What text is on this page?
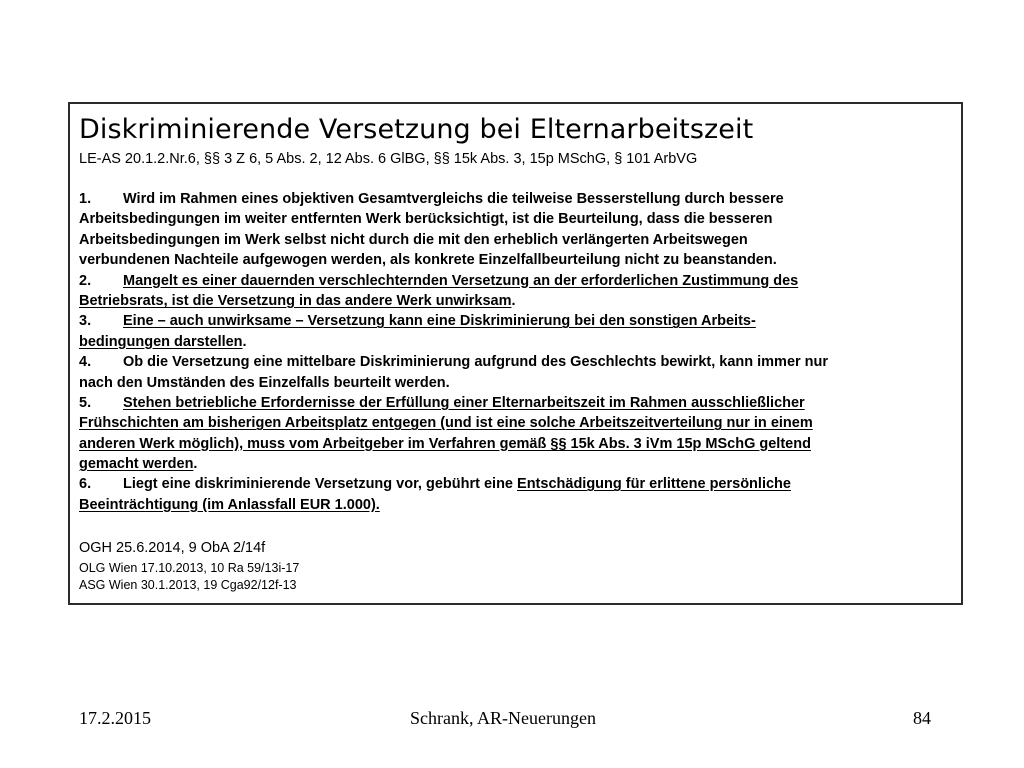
Diskriminierende Versetzung bei Elternarbeitszeit
LE-AS 20.1.2.Nr.6, §§ 3 Z 6, 5 Abs. 2, 12 Abs. 6 GlBG, §§ 15k Abs. 3, 15p MSchG, § 101 ArbVG
1. Wird im Rahmen eines objektiven Gesamtvergleichs die teilweise Besserstellung durch bessere
Arbeitsbedingungen im weiter entfernten Werk berücksichtigt, ist die Beurteilung, dass die besseren
Arbeitsbedingungen im Werk selbst nicht durch die mit den erheblich verlängerten Arbeitswegen
verbundenen Nachteile aufgewogen werden, als konkrete Einzelfallbeurteilung nicht zu beanstanden.
2. Mangelt es einer dauernden verschlechternden Versetzung an der erforderlichen Zustimmung des
Betriebsrats, ist die Versetzung in das andere Werk unwirksam.
3. Eine – auch unwirksame – Versetzung kann eine Diskriminierung bei den sonstigen Arbeits-
bedingungen darstellen.
4. Ob die Versetzung eine mittelbare Diskriminierung aufgrund des Geschlechts bewirkt, kann immer nur
nach den Umständen des Einzelfalls beurteilt werden.
5. Stehen betriebliche Erfordernisse der Erfüllung einer Elternarbeitszeit im Rahmen ausschließlicher
Frühschichten am bisherigen Arbeitsplatz entgegen (und ist eine solche Arbeitszeitverteilung nur in einem
anderen Werk möglich), muss vom Arbeitgeber im Verfahren gemäß §§ 15k Abs. 3 iVm 15p MSchG geltend
gemacht werden.
6. Liegt eine diskriminierende Versetzung vor, gebührt eine Entschädigung für erlittene persönliche
Beeinträchtigung (im Anlassfall EUR 1.000).
OGH 25.6.2014, 9 ObA 2/14f
OLG Wien 17.10.2013, 10 Ra 59/13i-17
ASG Wien 30.1.2013, 19 Cga92/12f-13
17.2.2015	Schrank, AR-Neuerungen	84
